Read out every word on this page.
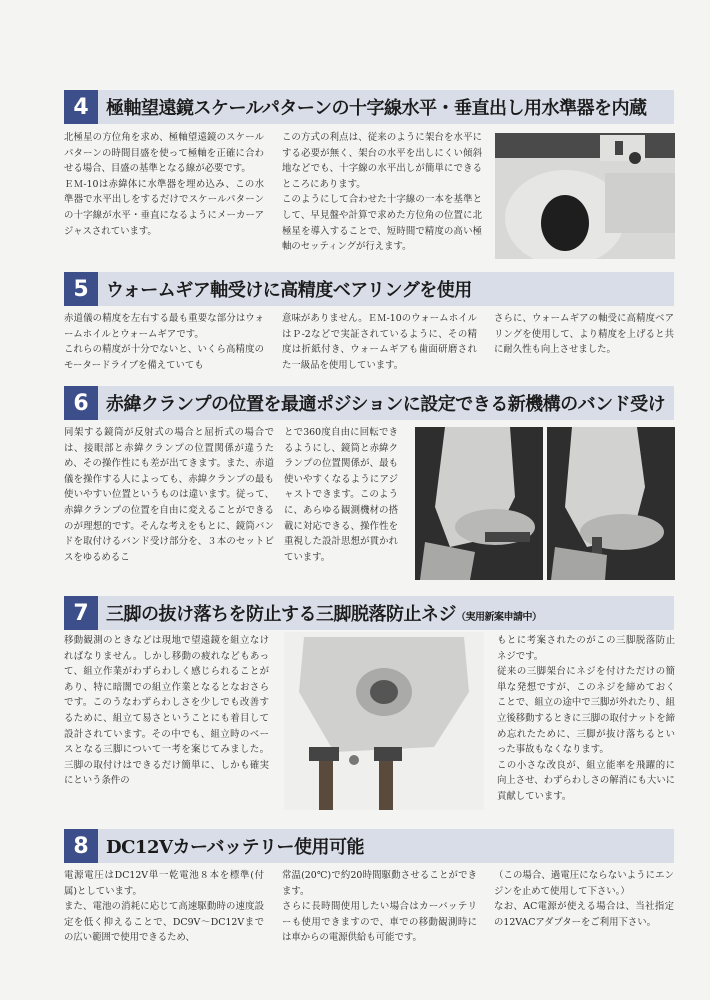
4 極軸望遠鏡スケールパターンの十字線水平・垂直出し用水準器を内蔵

北極星の方位角を求め、極軸望遠鏡のスケールパターンの時間目盛を使って極軸を正確に合わせる場合、目盛の基準となる線が必要です。

ＥＭ-10は赤緯体に水準器を埋め込み、この水準器で水平出しをするだけでスケールパターンの十字線が水平・垂直になるようにメーカーアジャスされています。

この方式の利点は、従来のように架台を水平にする必要が無く、架台の水平を出しにくい傾斜地などでも、十字線の水平出しが簡単にできるところにあります。

このようにして合わせた十字線の一本を基準として、早見盤や計算で求めた方位角の位置に北極星を導入することで、短時間で精度の高い極軸のセッティングが行えます。

5 ウォームギア軸受けに高精度ベアリングを使用

赤道儀の精度を左右する最も重要な部分はウォームホイルとウォームギアです。

これらの精度が十分でないと、いくら高精度のモータードライブを備えていても

意味がありません。ＥＭ-10のウォームホイルはＰ-2などで実証されているように、その精度は折紙付き、ウォームギアも歯面研磨された一級品を使用しています。

さらに、ウォームギアの軸受に高精度ベアリングを使用して、より精度を上げると共に耐久性も向上させました。

6 赤緯クランプの位置を最適ポジションに設定できる新機構のバンド受け

同架する鏡筒が反射式の場合と屈折式の場合では、接眼部と赤緯クランプの位置関係が違うため、その操作性にも差が出てきます。また、赤道儀を操作する人によっても、赤緯クランプの最も使いやすい位置というものは違います。従って、赤緯クランプの位置を自由に変えることができるのが理想的です。そんな考えをもとに、鏡筒バンドを取付けるバンド受け部分を、３本のセットビスをゆるめるこ

とで360度自由に回転できるようにし、鏡筒と赤緯クランプの位置関係が、最も使いやすくなるようにアジャストできます。このように、あらゆる観測機材の搭載に対応できる、操作性を重視した設計思想が貫かれています。

7 三脚の抜け落ちを防止する三脚脱落防止ネジ（実用新案申請中）

移動観測のときなどは現地で望遠鏡を組立なければなりません。しかし移動の疲れなどもあって、組立作業がわずらわしく感じられることがあり、特に暗闇での組立作業となるとなおさらです。このうなわずらわしさを少しでも改善するために、組立て易さということにも着目して設計されています。その中でも、組立時のベースとなる三脚について一考を案じてみました。三脚の取付けはできるだけ簡単に、しかも確実にという条件の

もとに考案されたのがこの三脚脱落防止ネジです。

従来の三脚架台にネジを付けただけの簡単な発想ですが、このネジを締めておくことで、組立の途中で三脚が外れたり、組立後移動するときに三脚の取付ナットを締め忘れたために、三脚が抜け落ちるといった事故もなくなります。

この小さな改良が、組立能率を飛躍的に向上させ、わずらわしさの解消にも大いに貢献しています。

8 DC12Vカーバッテリー使用可能

電源電圧はDC12V単一乾電池８本を標準(付属)としています。

また、電池の消耗に応じて高速駆動時の速度設定を低く抑えることで、DC9V～DC12Vまでの広い範囲で使用できるため、

常温(20℃)で約20時間駆動させることができます。

さらに長時間使用したい場合はカーバッテリーも使用できますので、車での移動観測時には車からの電源供給も可能です。

（この場合、過電圧にならないようにエンジンを止めて使用して下さい。）

なお、AC電源が使える場合は、当社指定の12VACアダプターをご利用下さい。
